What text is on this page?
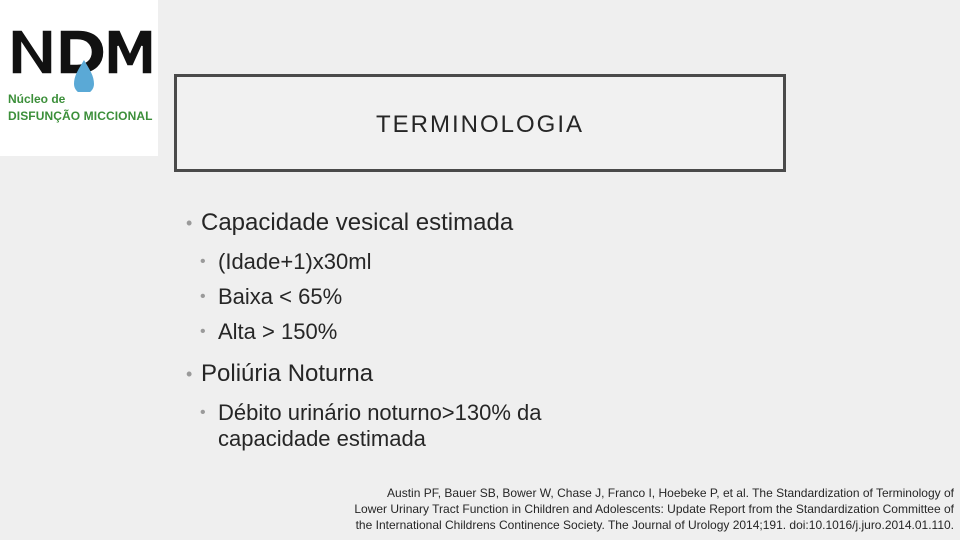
Núcleo de
DISFUNÇÃO MICCIONAL	TERMINOLOGIA
• Capacidade vesical estimada
• (Idade+1)x30ml
• Baixa < 65%
• Alta > 150%
• Poliúria Noturna
• Débito urinário noturno>130% da capacidade estimada
Austin PF, Bauer SB, Bower W, Chase J, Franco I, Hoebeke P, et al. The Standardization of Terminology of
Lower Urinary Tract Function in Children and Adolescents: Update Report from the Standardization Committee of
the International Childrens Continence Society. The Journal of Urology 2014;191. doi:10.1016/j.juro.2014.01.110.
